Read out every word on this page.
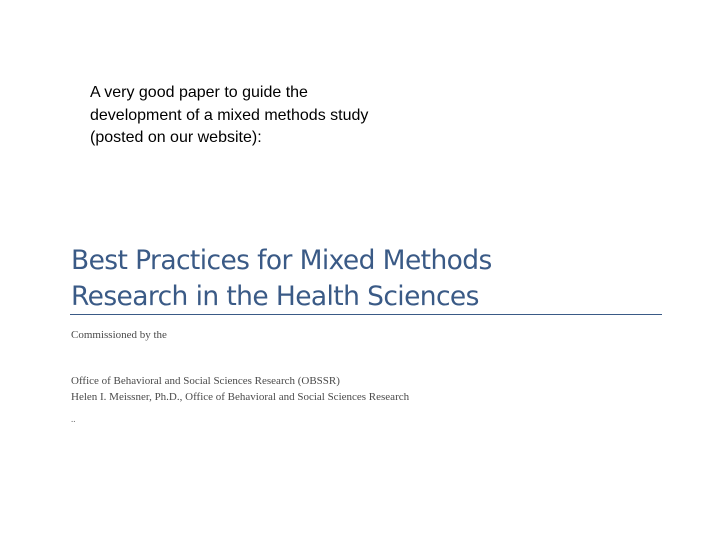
A very good paper to guide the
development of a mixed methods study
(posted on our website):
Best Practices for Mixed Methods
Research in the Health Sciences
Commissioned by the
Office of Behavioral and Social Sciences Research (OBSSR)
Helen I. Meissner, Ph.D., Office of Behavioral and Social Sciences Research
..
